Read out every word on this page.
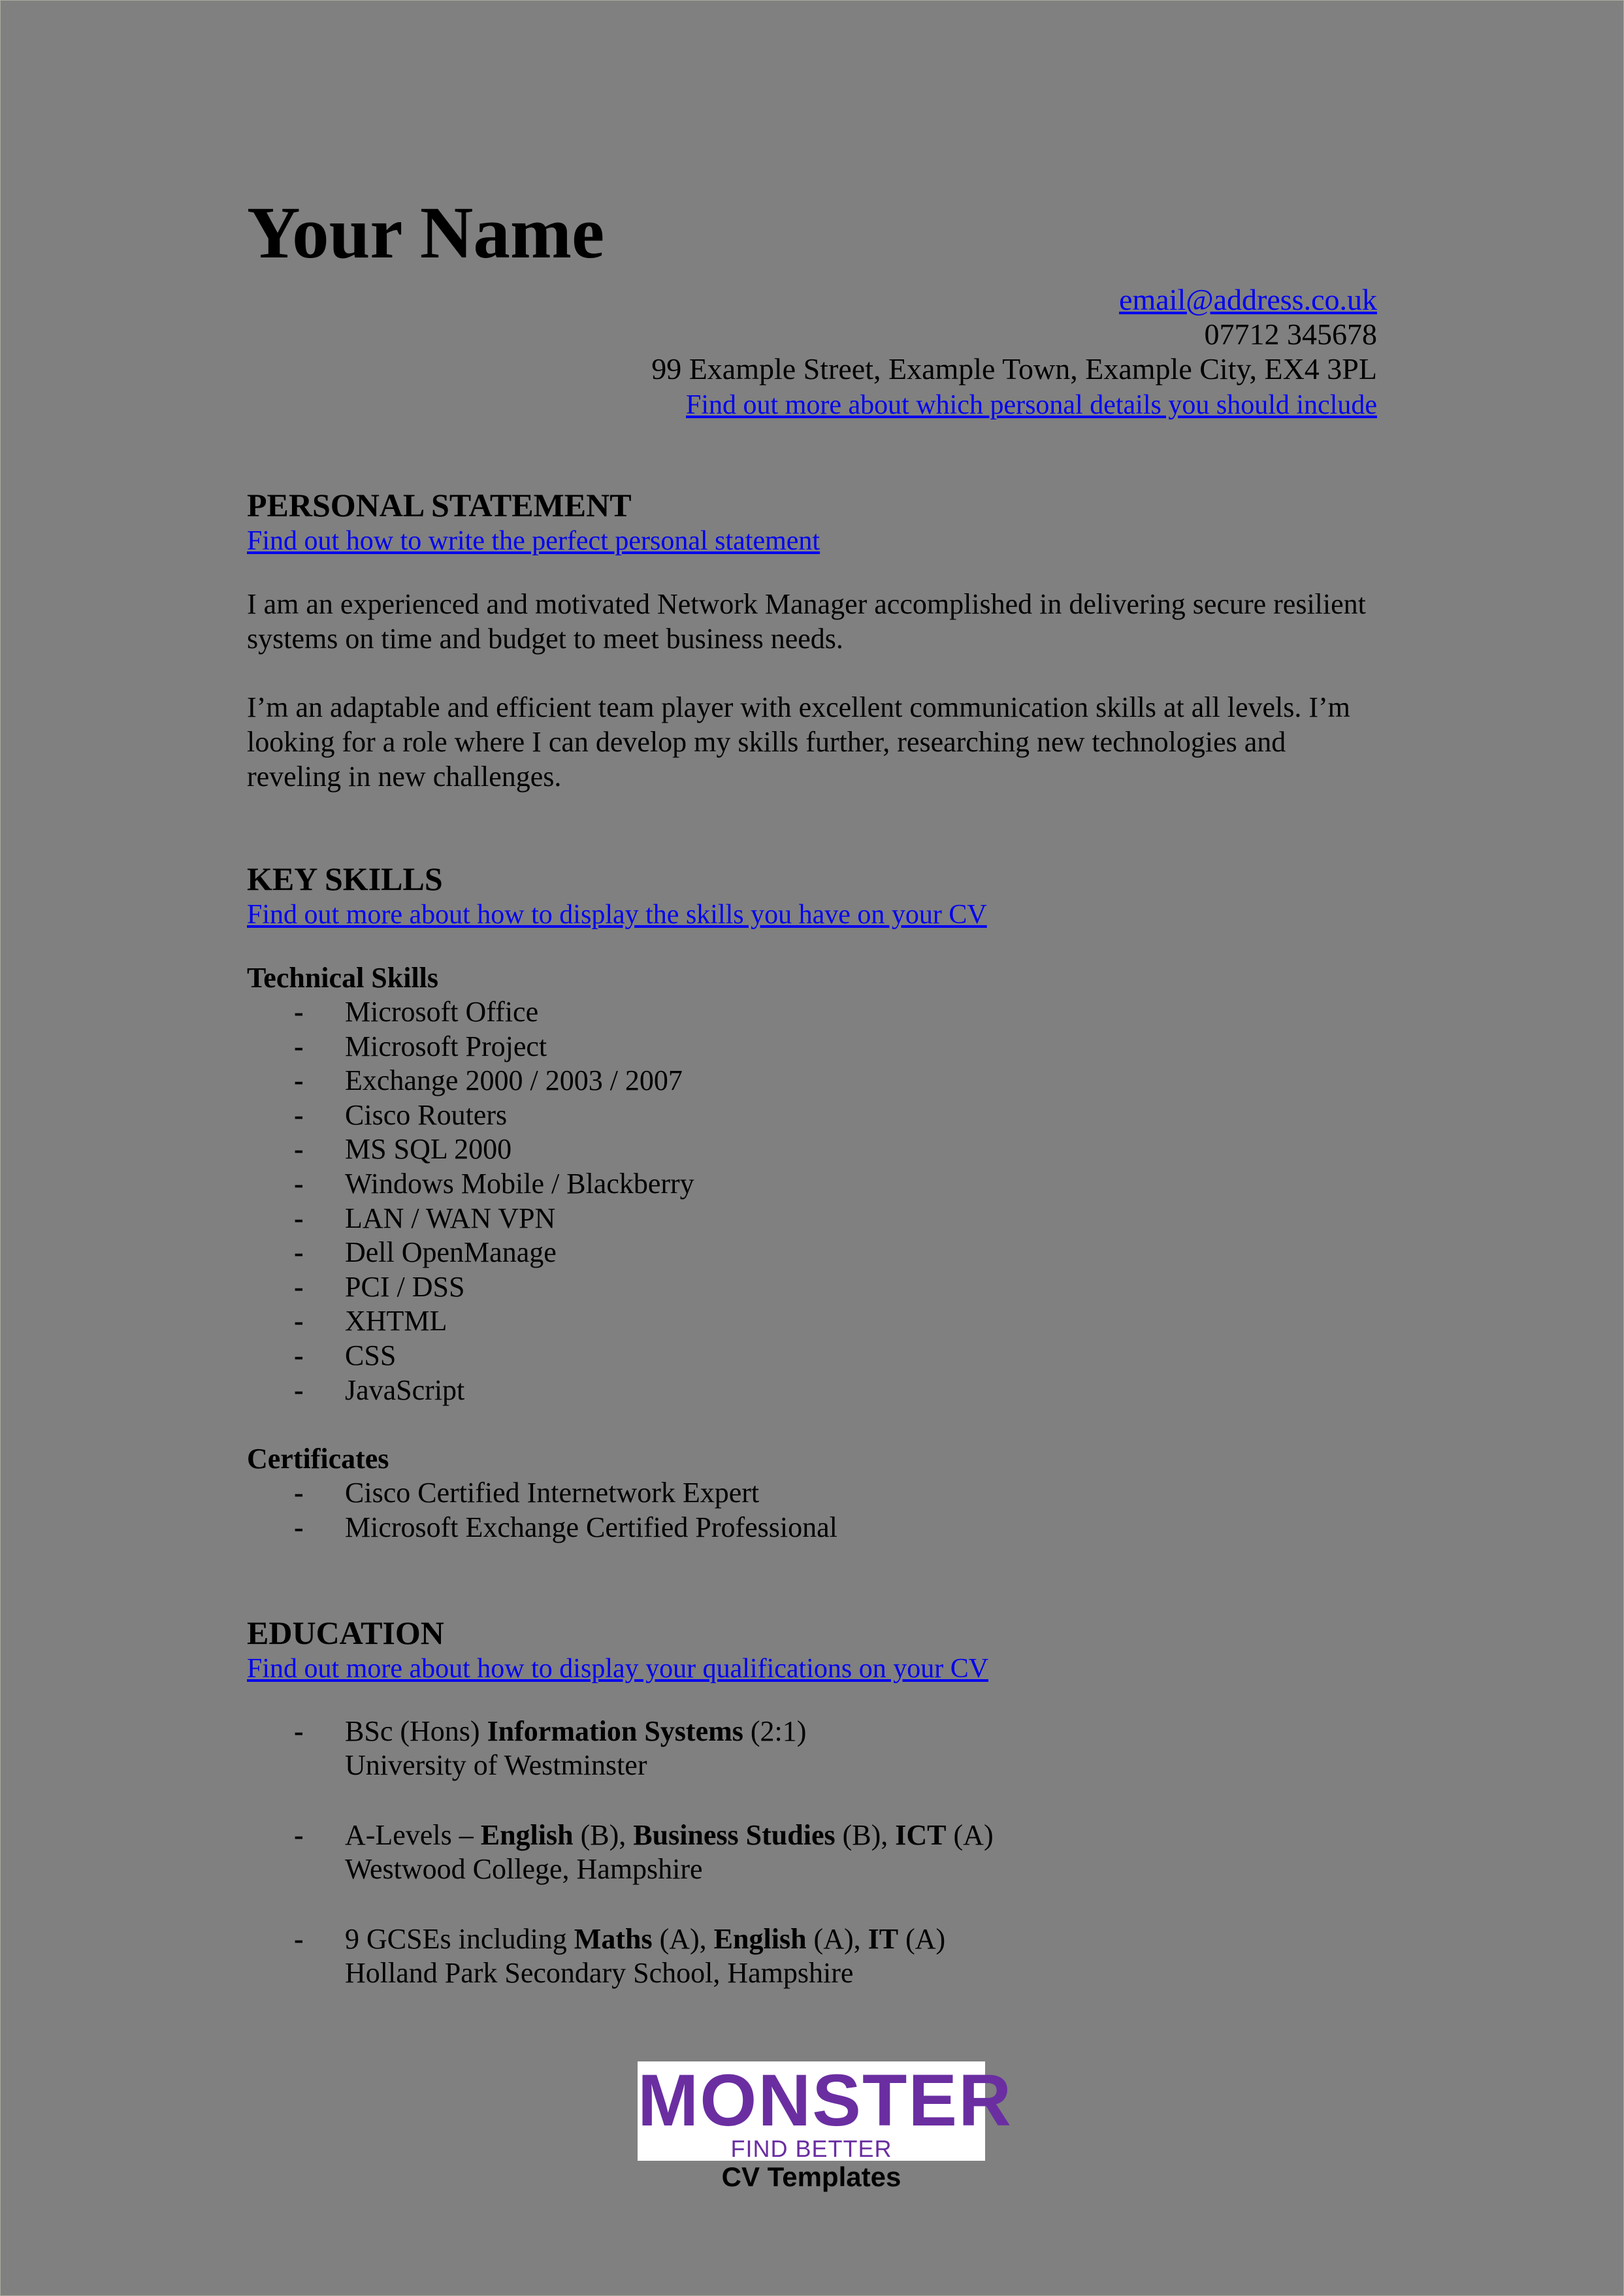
Your Name
email@address.co.uk
07712 345678
99 Example Street, Example Town, Example City, EX4 3PL
Find out more about which personal details you should include
PERSONAL STATEMENT
Find out how to write the perfect personal statement

I am an experienced and motivated Network Manager accomplished in delivering secure resilient systems on time and budget to meet business needs.

I’m an adaptable and efficient team player with excellent communication skills at all levels. I’m looking for a role where I can develop my skills further, researching new technologies and reveling in new challenges.

KEY SKILLS
Find out more about how to display the skills you have on your CV
Technical Skills
- Microsoft Office
- Microsoft Project
- Exchange 2000 / 2003 / 2007
- Cisco Routers
- MS SQL 2000
- Windows Mobile / Blackberry
- LAN / WAN VPN
- Dell OpenManage
- PCI / DSS
- XHTML
- CSS
- JavaScript
Certificates
- Cisco Certified Internetwork Expert
- Microsoft Exchange Certified Professional
EDUCATION
Find out more about how to display your qualifications on your CV
- BSc (Hons) Information Systems (2:1)
University of Westminster
- A-Levels – English (B), Business Studies (B), ICT (A)
Westwood College, Hampshire
- 9 GCSEs including Maths (A), English (A), IT (A)
Holland Park Secondary School, Hampshire
MONSTER
FIND BETTER
CV Templates
